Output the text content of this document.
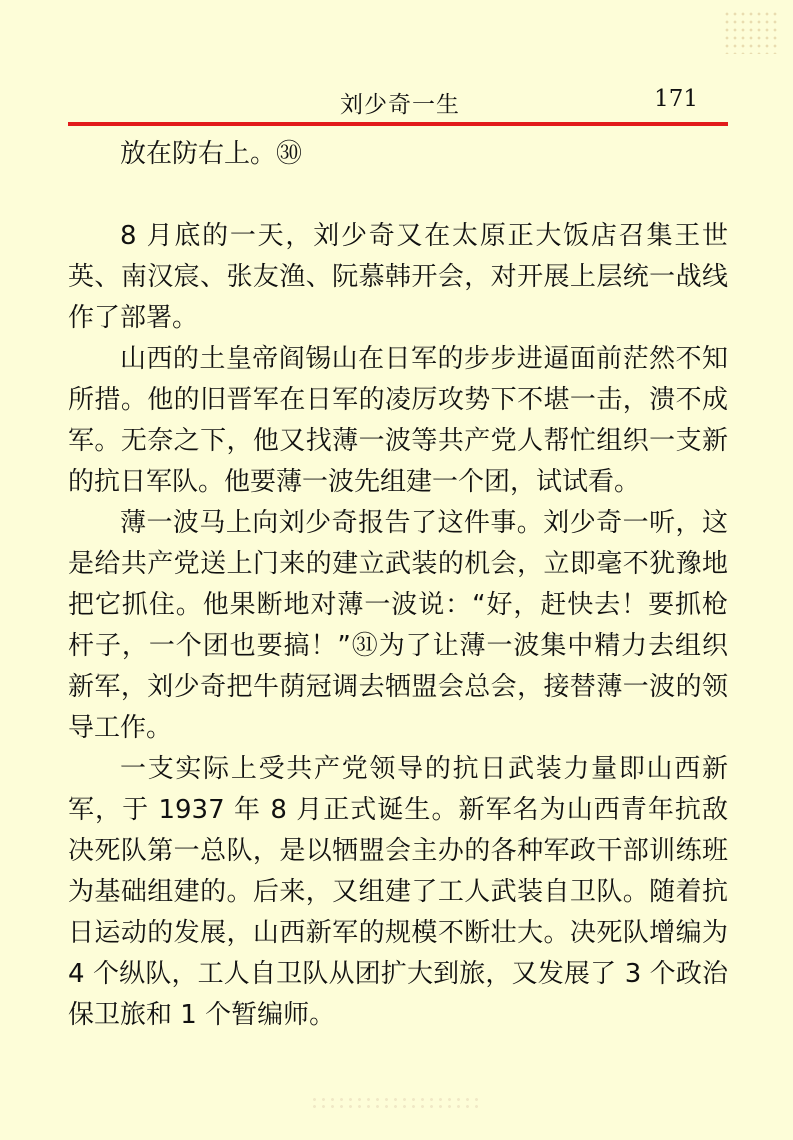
刘少奇一生	171

放在防右上。㉚

8 月底的一天，刘少奇又在太原正大饭店召集王世英、南汉宸、张友渔、阮慕韩开会，对开展上层统一战线作了部署。

山西的土皇帝阎锡山在日军的步步进逼面前茫然不知所措。他的旧晋军在日军的凌厉攻势下不堪一击，溃不成军。无奈之下，他又找薄一波等共产党人帮忙组织一支新的抗日军队。他要薄一波先组建一个团，试试看。

薄一波马上向刘少奇报告了这件事。刘少奇一听，这是给共产党送上门来的建立武装的机会，立即毫不犹豫地把它抓住。他果断地对薄一波说：“好，赶快去！要抓枪杆子，一个团也要搞！”㉛为了让薄一波集中精力去组织新军，刘少奇把牛荫冠调去牺盟会总会，接替薄一波的领导工作。

一支实际上受共产党领导的抗日武装力量即山西新军，于 1937 年 8 月正式诞生。新军名为山西青年抗敌决死队第一总队，是以牺盟会主办的各种军政干部训练班为基础组建的。后来，又组建了工人武装自卫队。随着抗日运动的发展，山西新军的规模不断壮大。决死队增编为 4 个纵队，工人自卫队从团扩大到旅，又发展了 3 个政治保卫旅和 1 个暂编师。
